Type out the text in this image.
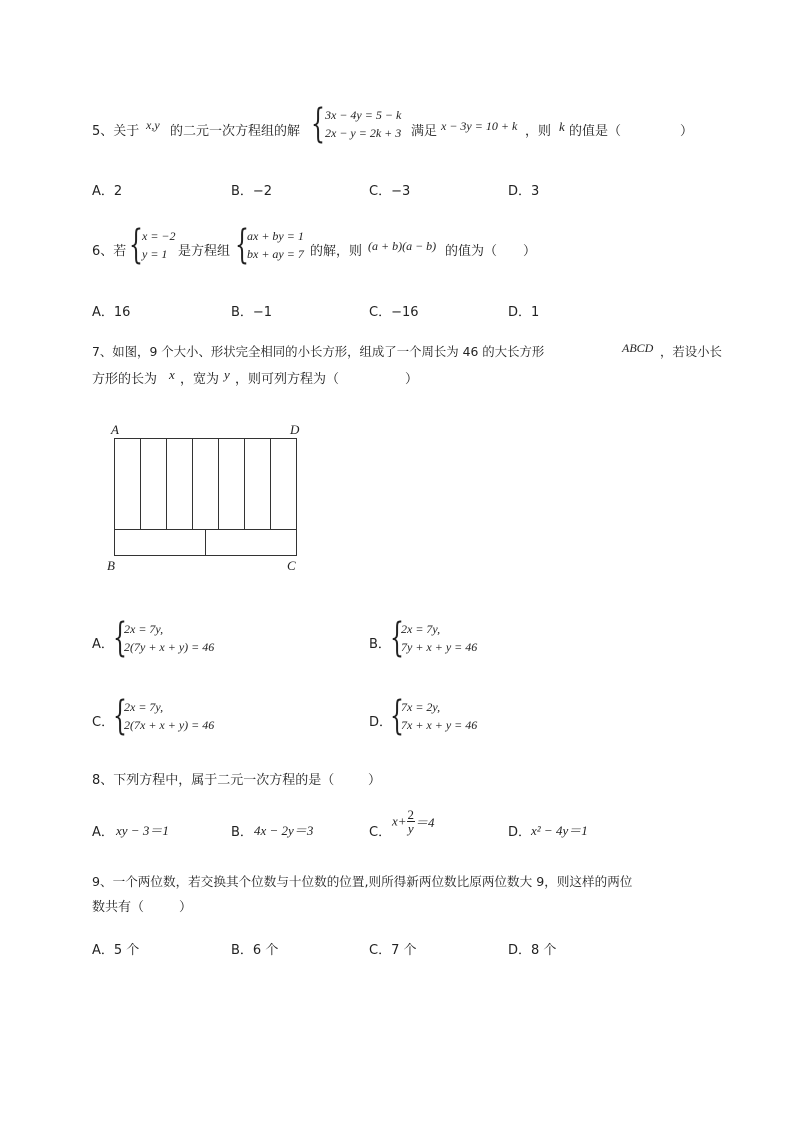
5、关于 x,y 的二元一次方程组的解 { 3x − 4y = 5 − k
2x − y = 2k + 3 满足 x − 3y = 10 + k ，则 k 的值是（	）
A．2	B．−2	C．−3	D．3
6、若 { x = −2
y = 1 是方程组 {
ax + by = 1
bx + ay = 7 的解，则 (a + b)(a − b) 的值为（ ）
A．16	B．−1	C．−16	D．1
7、如图，9 个大小、形状完全相同的小长方形，组成了一个周长为 46 的大长方形	ABCD ，若设小长
方形的长为 x ，宽为 y ，则可列方程为（	）
A	D
B	C
A． {
2x = 7y,
2(7y + x + y) = 46	B． {
2x = 7y,
7y + x + y = 46
C．
{
2x = 7y,
2(7x + x + y) = 46	D．
{
7x = 2y,
7x + x + y = 46
8、下列方程中，属于二元一次方程的是（	）
A． xy − 3＝1	B． 4x − 2y＝3	C．
$x+ \frac{2}{y} =4$
D． x² − 4y＝1
9、一个两位数，若交换其个位数与十位数的位置,则所得新两位数比原两位数大 9，则这样的两位
数共有（	）
A．5 个	B．6 个	C．7 个	D．8 个
